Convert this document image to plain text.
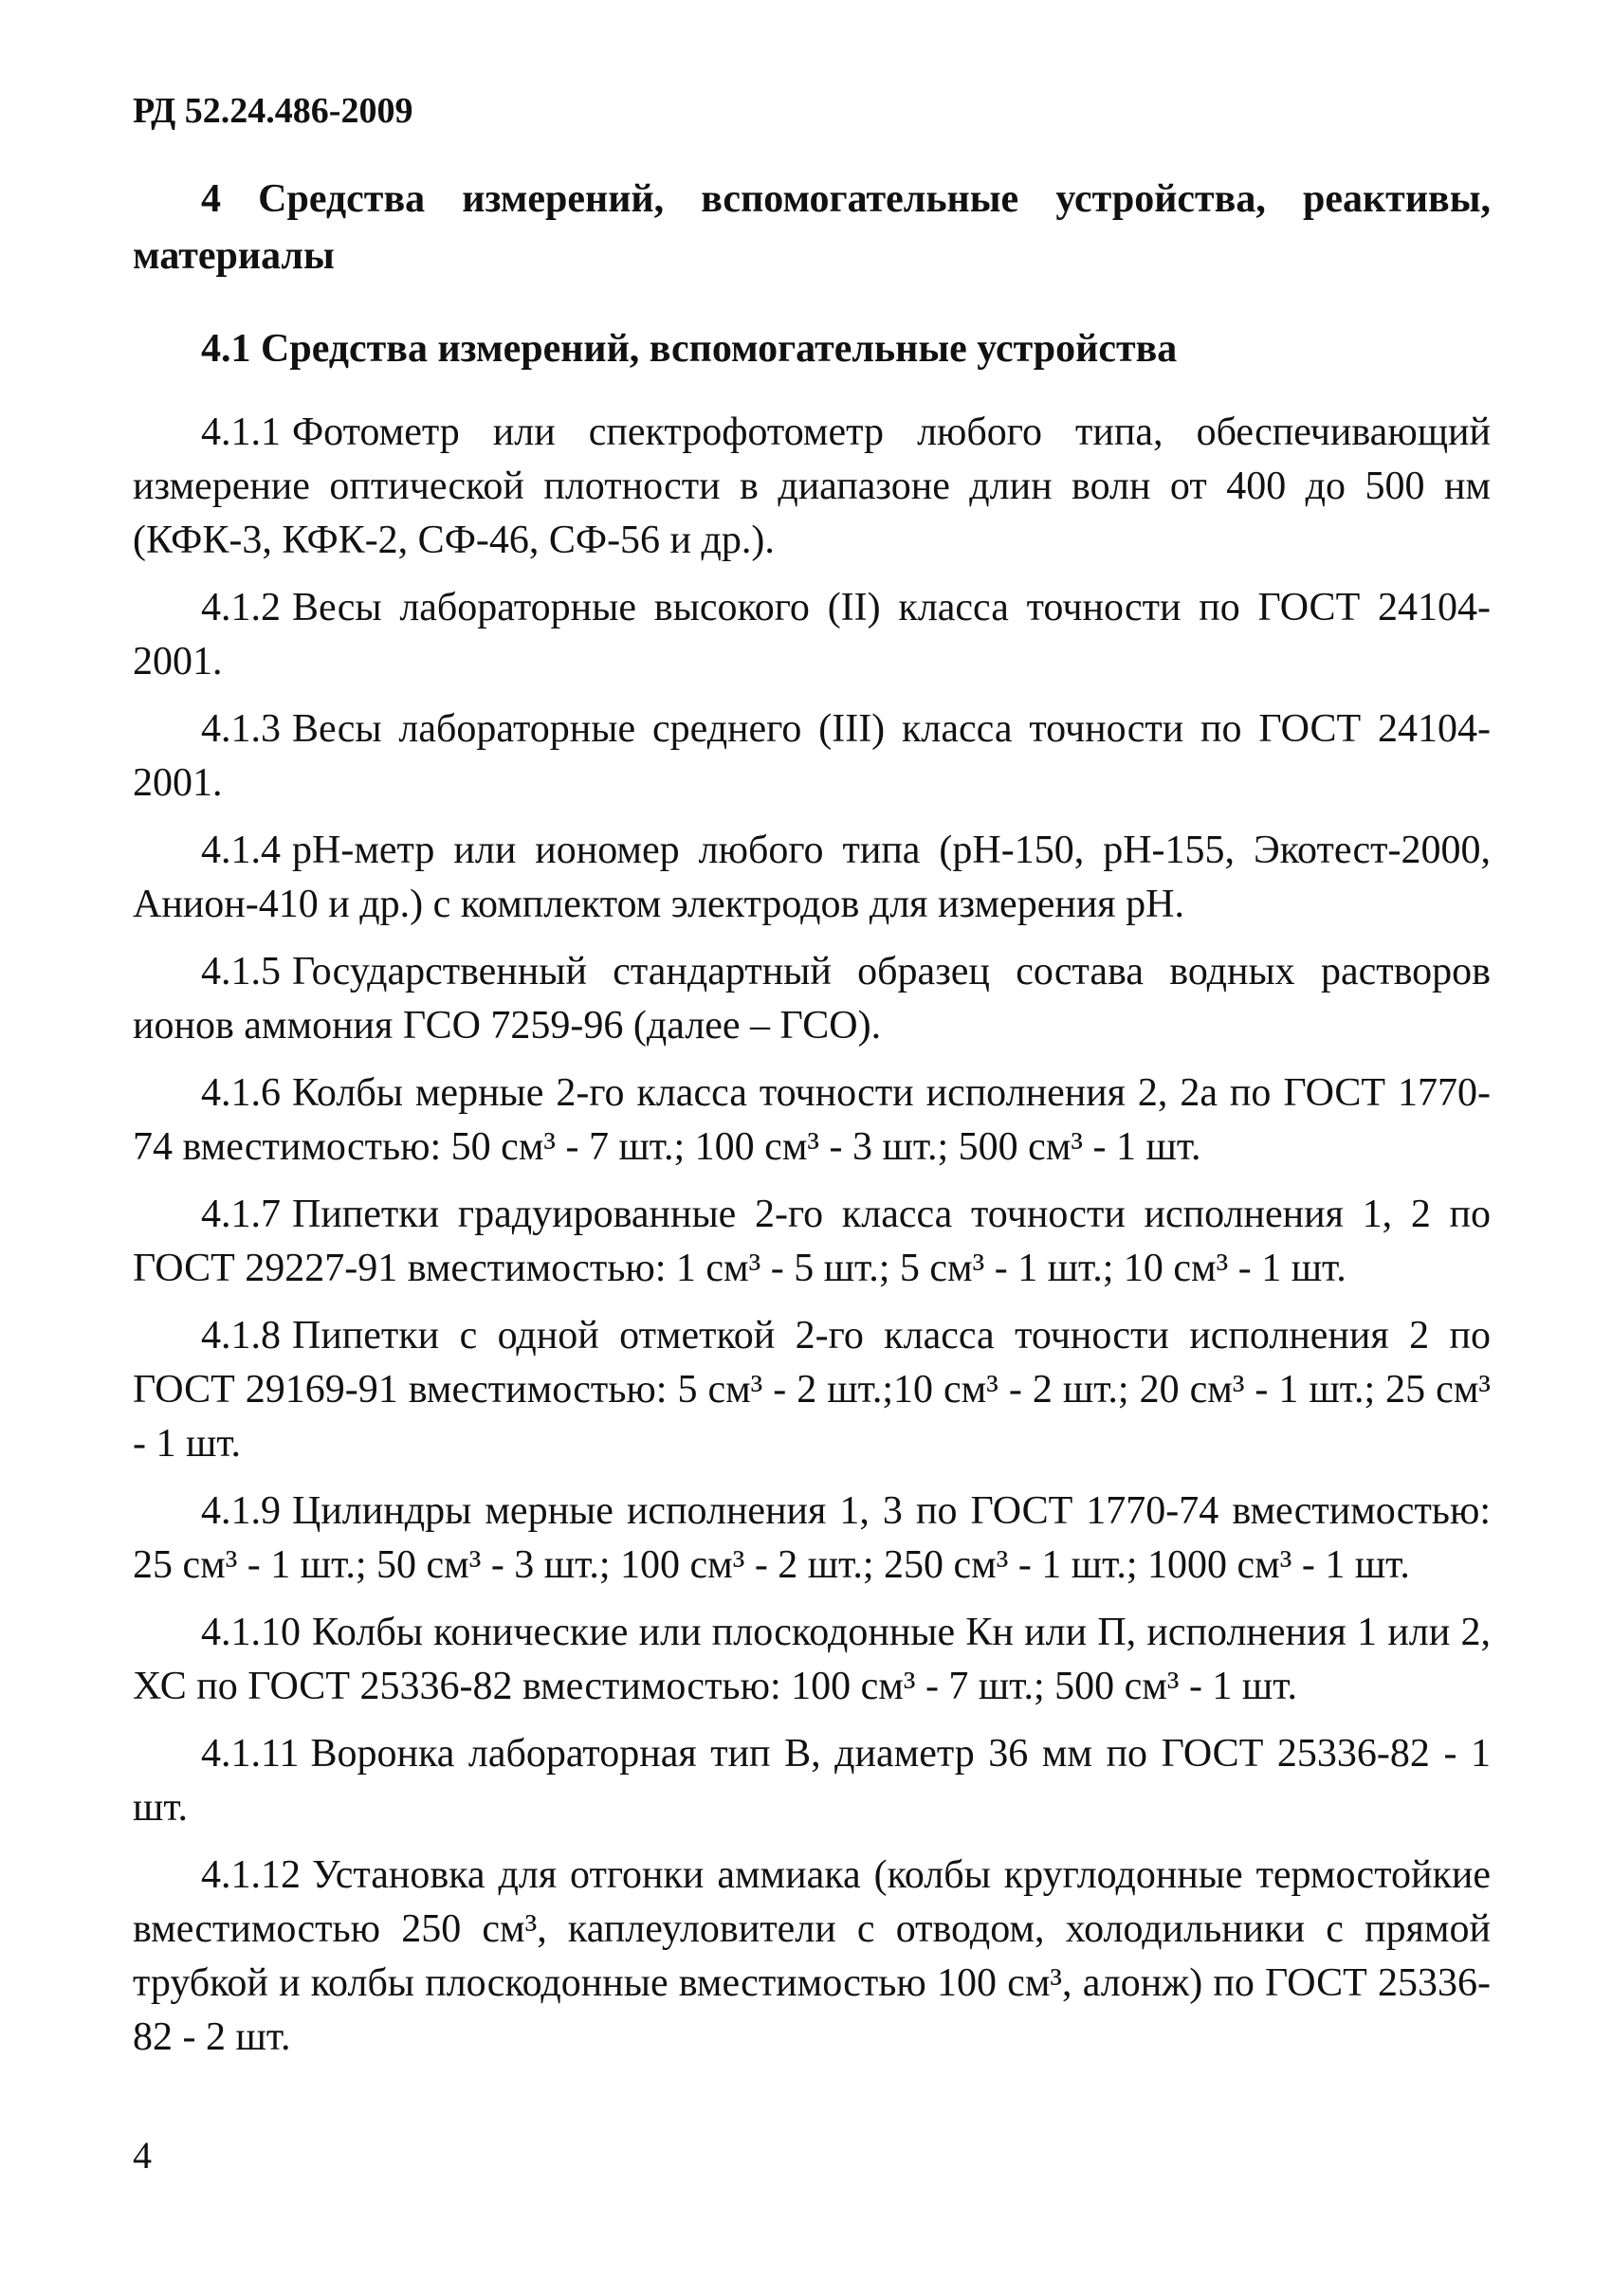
РД 52.24.486-2009

4 Средства измерений, вспомогательные устройства, реактивы, материалы

4.1 Средства измерений, вспомогательные устройства

4.1.1 Фотометр или спектрофотометр любого типа, обеспечивающий измерение оптической плотности в диапазоне длин волн от 400 до 500 нм (КФК-3, КФК-2, СФ-46, СФ-56 и др.).

4.1.2 Весы лабораторные высокого (II) класса точности по ГОСТ 24104-2001.

4.1.3 Весы лабораторные среднего (III) класса точности по ГОСТ 24104-2001.

4.1.4 pH-метр или иономер любого типа (pH-150, pH-155, Экотест-2000, Анион-410 и др.) с комплектом электродов для измерения pH.

4.1.5 Государственный стандартный образец состава водных растворов ионов аммония ГСО 7259-96 (далее – ГСО).

4.1.6 Колбы мерные 2-го класса точности исполнения 2, 2а по ГОСТ 1770-74 вместимостью: 50 см³ - 7 шт.; 100 см³ - 3 шт.; 500 см³ - 1 шт.

4.1.7 Пипетки градуированные 2-го класса точности исполнения 1, 2 по ГОСТ 29227-91 вместимостью: 1 см³ - 5 шт.; 5 см³ - 1 шт.; 10 см³ - 1 шт.

4.1.8 Пипетки с одной отметкой 2-го класса точности исполнения 2 по ГОСТ 29169-91 вместимостью: 5 см³ - 2 шт.;10 см³ - 2 шт.; 20 см³ - 1 шт.; 25 см³ - 1 шт.

4.1.9 Цилиндры мерные исполнения 1, 3 по ГОСТ 1770-74 вместимостью: 25 см³ - 1 шт.; 50 см³ - 3 шт.; 100 см³ - 2 шт.; 250 см³ - 1 шт.; 1000 см³ - 1 шт.

4.1.10 Колбы конические или плоскодонные Кн или П, исполнения 1 или 2, ХС по ГОСТ 25336-82 вместимостью: 100 см³ - 7 шт.; 500 см³ - 1 шт.

4.1.11 Воронка лабораторная тип В, диаметр 36 мм по ГОСТ 25336-82 - 1 шт.

4.1.12 Установка для отгонки аммиака (колбы круглодонные термостойкие вместимостью 250 см³, каплеуловители с отводом, холодильники с прямой трубкой и колбы плоскодонные вместимостью 100 см³, алонж) по ГОСТ 25336-82 - 2 шт.

4
